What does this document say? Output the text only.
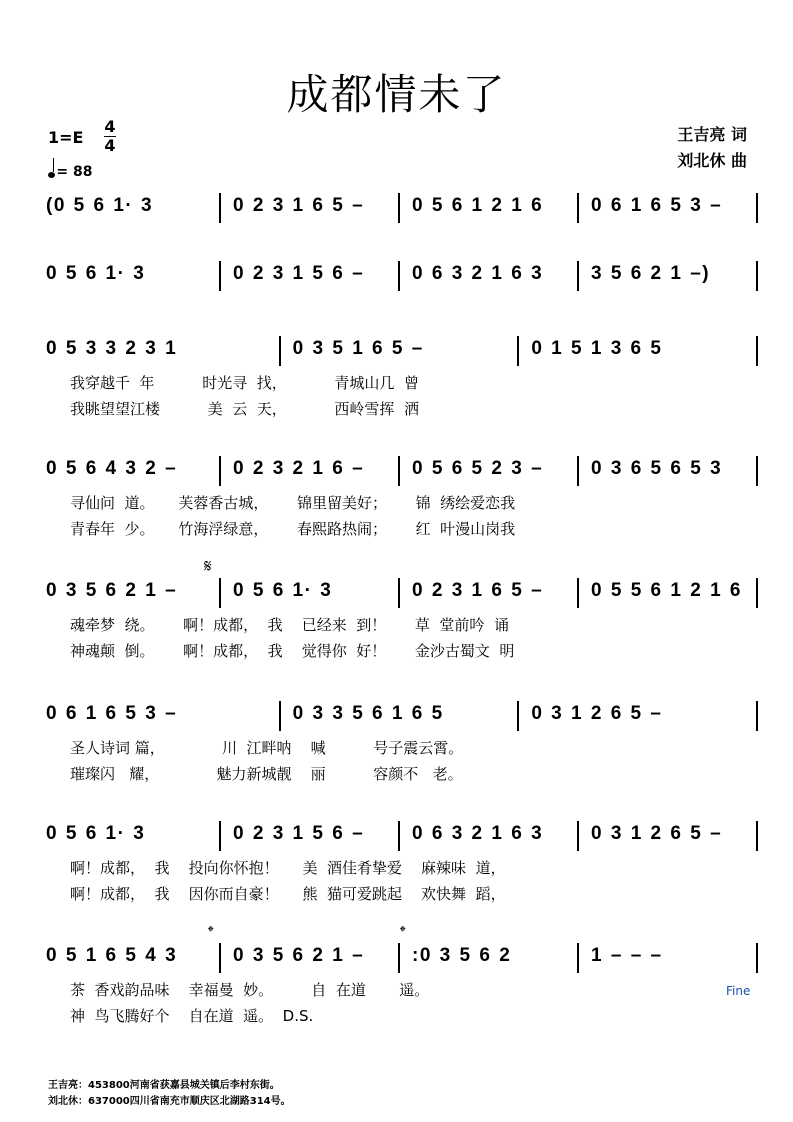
成都情未了
1=E
4
4
= 88
王吉亮 词
刘北休 曲
(0 5 6 1· 3	0 2 3 1 6 5 –	0 5 6 1 2 1 6	0 6 1 6 5 3 –
0 5 6 1· 3	0 2 3 1 5 6 –	0 6 3 2 1 6 3	3 5 6 2 1 –)
0 5 3 3 2 3 1	0 3 5 1 6 5 –	0 1 5 1 3 6 5
我穿越千  年          时光寻  找，          青城山几  曾
我眺望望江楼          美  云  天，          西岭雪挥  洒
0 5 6 4 3 2 –	0 2 3 2 1 6 –	0 5 6 5 2 3 –	0 3 6 5 6 5 3
寻仙问  道。     芙蓉香古城，      锦里留美好；      锦  绣绘爱恋我
青春年  少。     竹海浮绿意，      春熙路热闹；      红  叶漫山岗我
0 3 5 6 2 1 –	0 5 6 1· 3	0 2 3 1 6 5 –	0 5 5 6 1 2 1 6
魂牵梦  绕。      啊！成都，  我    已经来  到！      草  堂前吟  诵
神魂颠  倒。      啊！成都，  我    觉得你  好！      金沙古蜀文  明
0 6 1 6 5 3 –	0 3 3 5 6 1 6 5	0 3 1 2 6 5 –
圣人诗词 篇，            川  江畔呐    喊          号子震云霄。
璀璨闪   耀，            魅力新城靓    丽          容颜不   老。
0 5 6 1· 3	0 2 3 1 5 6 –	0 6 3 2 1 6 3	0 3 1 2 6 5 –
啊！成都，  我    投向你怀抱！     美  酒佳肴挚爱    麻辣味  道，
啊！成都，  我    因你而自豪！     熊  猫可爱跳起    欢快舞  蹈，
0 5 1 6 5 4 3	0 3 5 6 2 1 –	:0 3 5 6 2	1 – – –
茶  香戏韵品味    幸福曼  妙。        自  在道       遥。
神  鸟飞腾好个    自在道  遥。  D.S.
𝄋
𝄌	𝄌
Fine
王吉亮：453800河南省获嘉县城关镇后李村东街。
刘北休：637000四川省南充市顺庆区北湖路314号。
